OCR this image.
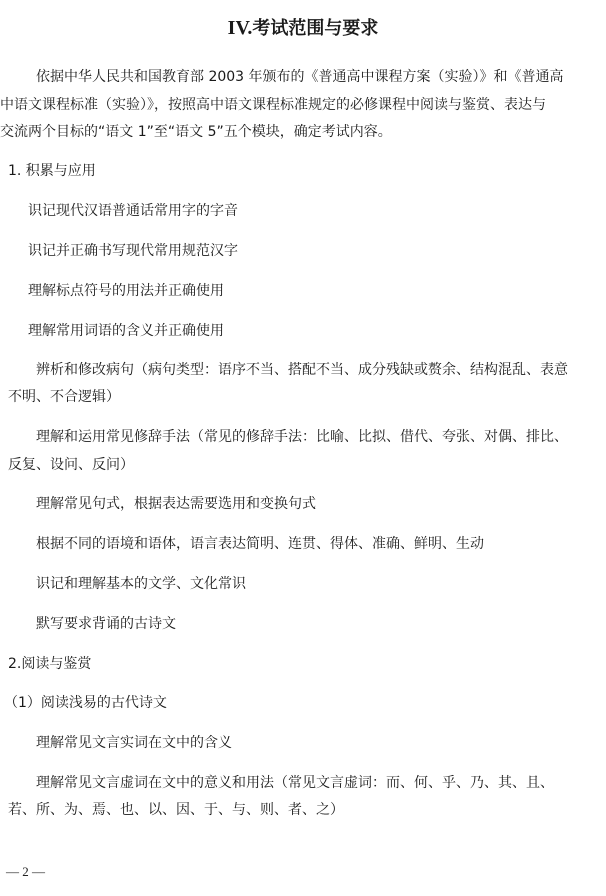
IV.考试范围与要求
依据中华人民共和国教育部 2003 年颁布的《普通高中课程方案（实验）》和《普通高
中语文课程标准（实验）》，按照高中语文课程标准规定的必修课程中阅读与鉴赏、表达与
交流两个目标的“语文 1”至“语文 5”五个模块，确定考试内容。
1. 积累与应用
识记现代汉语普通话常用字的字音
识记并正确书写现代常用规范汉字
理解标点符号的用法并正确使用
理解常用词语的含义并正确使用
辨析和修改病句（病句类型：语序不当、搭配不当、成分残缺或赘余、结构混乱、表意
不明、不合逻辑）
理解和运用常见修辞手法（常见的修辞手法：比喻、比拟、借代、夸张、对偶、排比、
反复、设问、反问）
理解常见句式，根据表达需要选用和变换句式
根据不同的语境和语体，语言表达简明、连贯、得体、准确、鲜明、生动
识记和理解基本的文学、文化常识
默写要求背诵的古诗文
2.阅读与鉴赏
（1）阅读浅易的古代诗文
理解常见文言实词在文中的含义
理解常见文言虚词在文中的意义和用法（常见文言虚词：而、何、乎、乃、其、且、
若、所、为、焉、也、以、因、于、与、则、者、之）
— 2 —
